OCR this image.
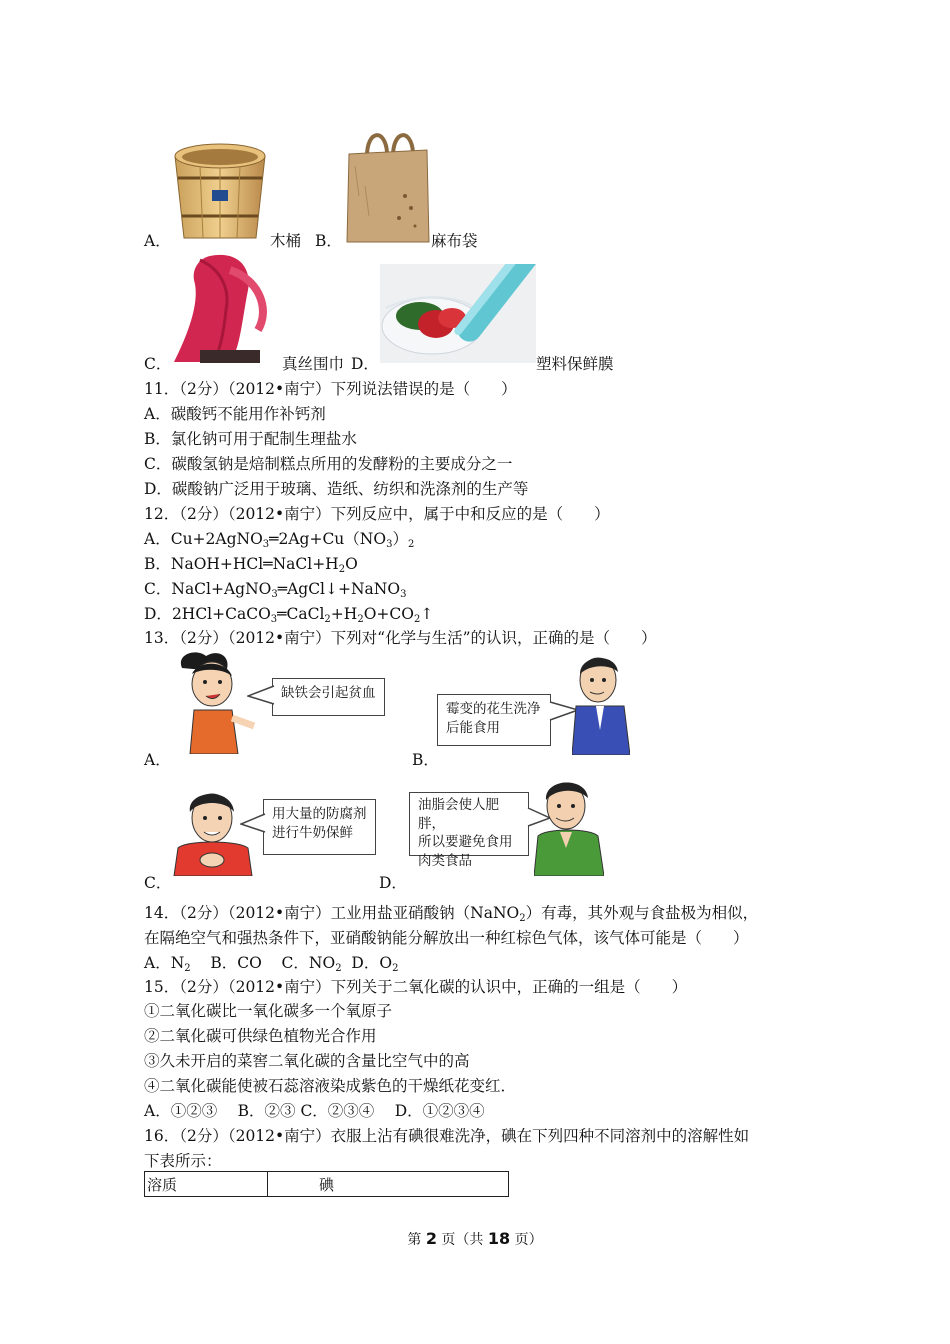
A．	木桶 B．	麻布袋
C．	真丝围巾 D．	塑料保鲜膜
11．（2分）（2012•南宁）下列说法错误的是（　　）
A．碳酸钙不能用作补钙剂
B．氯化钠可用于配制生理盐水
C．碳酸氢钠是焙制糕点所用的发酵粉的主要成分之一
D．碳酸钠广泛用于玻璃、造纸、纺织和洗涤剂的生产等
12．（2分）（2012•南宁）下列反应中，属于中和反应的是（　　）
A．$Cu+2AgNO_3═2Ag+Cu(NO_3)_2$
B．$NaOH+HCl═NaCl+H_2O$
C．NaCl+AgNO$_3$═AgCl↓+NaNO$_3$
D．$2HCl+CaCO_3═CaCl_2+H_2O+CO_2↑$
13．（2分）（2012•南宁）下列对“化学与生活”的认识，正确的是（　　）
A．
缺铁会引起贫血
B．
霉变的花生洗净
后能食用
C．
用大量的防腐剂
进行牛奶保鲜
D．
油脂会使人肥胖，
所以要避免食用
肉类食品
14．（2分）（2012•南宁）工业用盐亚硝酸钠（NaNO$_2$）有毒，其外观与食盐极为相似，
在隔绝空气和强热条件下，亚硝酸钠能分解放出一种红棕色气体，该气体可能是（　　）
A．$N_2$ B．CO C．$NO_2$ D．$O_2$
15．（2分）（2012•南宁）下列关于二氧化碳的认识中，正确的一组是（　　）
①二氧化碳比一氧化碳多一个氧原子
②二氧化碳可供绿色植物光合作用
③久未开启的菜窖二氧化碳的含量比空气中的高
④二氧化碳能使被石蕊溶液染成紫色的干燥纸花变红．
A．①②③　 B．②③ C．②③④　 D．①②③④
16．（2分）（2012•南宁）衣服上沾有碘很难洗净，碘在下列四种不同溶剂中的溶解性如
下表所示：
溶质	碘
第 2 页（共 18 页）
